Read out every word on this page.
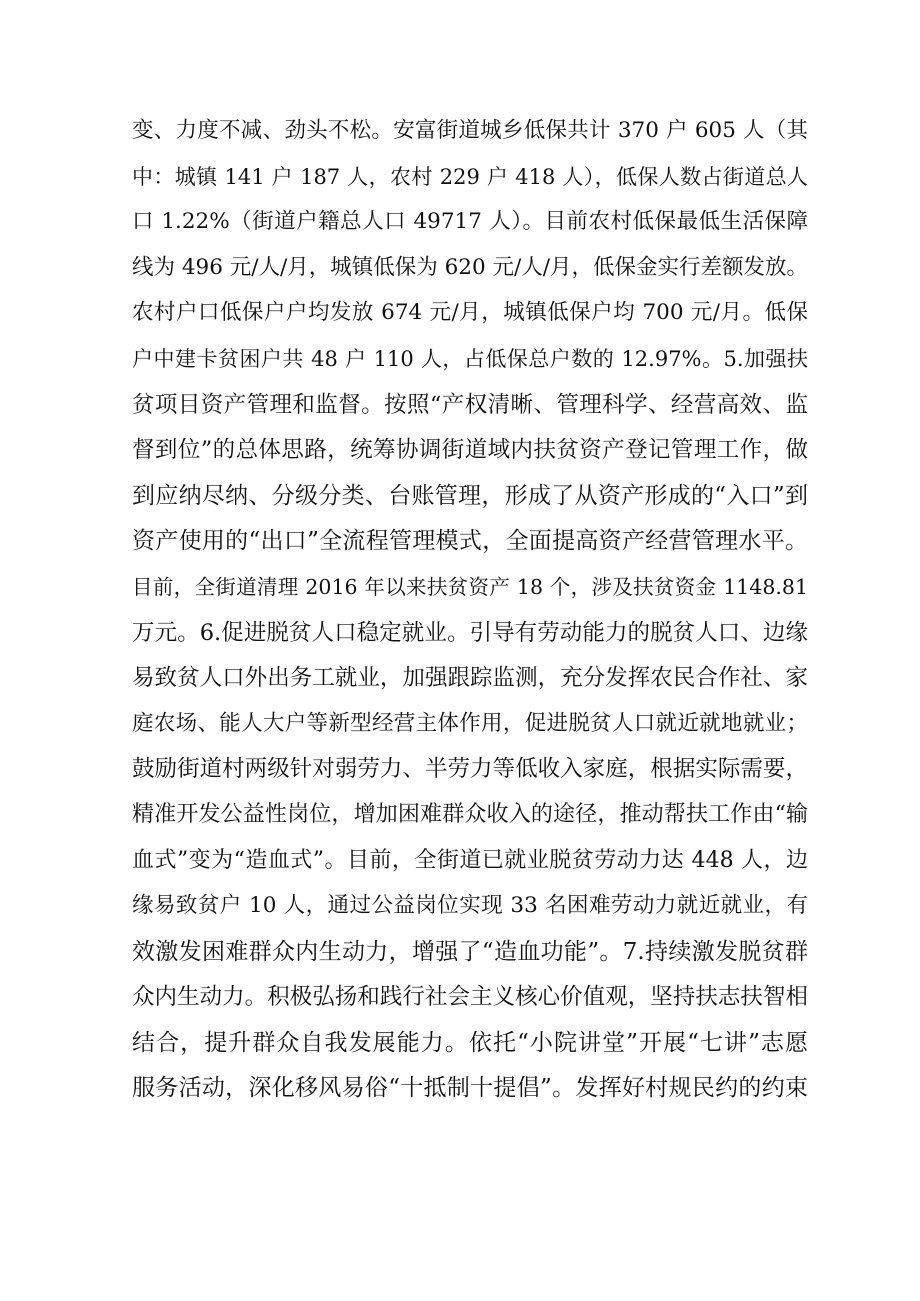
变、力度不减、劲头不松。安富街道城乡低保共计 370 户 605 人（其
中：城镇 141 户 187 人，农村 229 户 418 人），低保人数占街道总人
口 1.22%（街道户籍总人口 49717 人）。目前农村低保最低生活保障
线为 496 元/人/月，城镇低保为 620 元/人/月，低保金实行差额发放。
农村户口低保户户均发放 674 元/月，城镇低保户均 700 元/月。低保
户中建卡贫困户共 48 户 110 人，占低保总户数的 12.97%。5.加强扶
贫项目资产管理和监督。按照“产权清晰、管理科学、经营高效、监
督到位”的总体思路，统筹协调街道域内扶贫资产登记管理工作，做
到应纳尽纳、分级分类、台账管理，形成了从资产形成的“入口”到
资产使用的“出口”全流程管理模式，全面提高资产经营管理水平。
目前，全街道清理 2016 年以来扶贫资产 18 个，涉及扶贫资金 1148.81
万元。6.促进脱贫人口稳定就业。引导有劳动能力的脱贫人口、边缘
易致贫人口外出务工就业，加强跟踪监测，充分发挥农民合作社、家
庭农场、能人大户等新型经营主体作用，促进脱贫人口就近就地就业；
鼓励街道村两级针对弱劳力、半劳力等低收入家庭，根据实际需要，
精准开发公益性岗位，增加困难群众收入的途径，推动帮扶工作由“输
血式”变为“造血式”。目前，全街道已就业脱贫劳动力达 448 人，边
缘易致贫户 10 人，通过公益岗位实现 33 名困难劳动力就近就业，有
效激发困难群众内生动力，增强了“造血功能”。7.持续激发脱贫群
众内生动力。积极弘扬和践行社会主义核心价值观，坚持扶志扶智相
结合，提升群众自我发展能力。依托“小院讲堂”开展“七讲”志愿
服务活动，深化移风易俗“十抵制十提倡”。发挥好村规民约的约束
